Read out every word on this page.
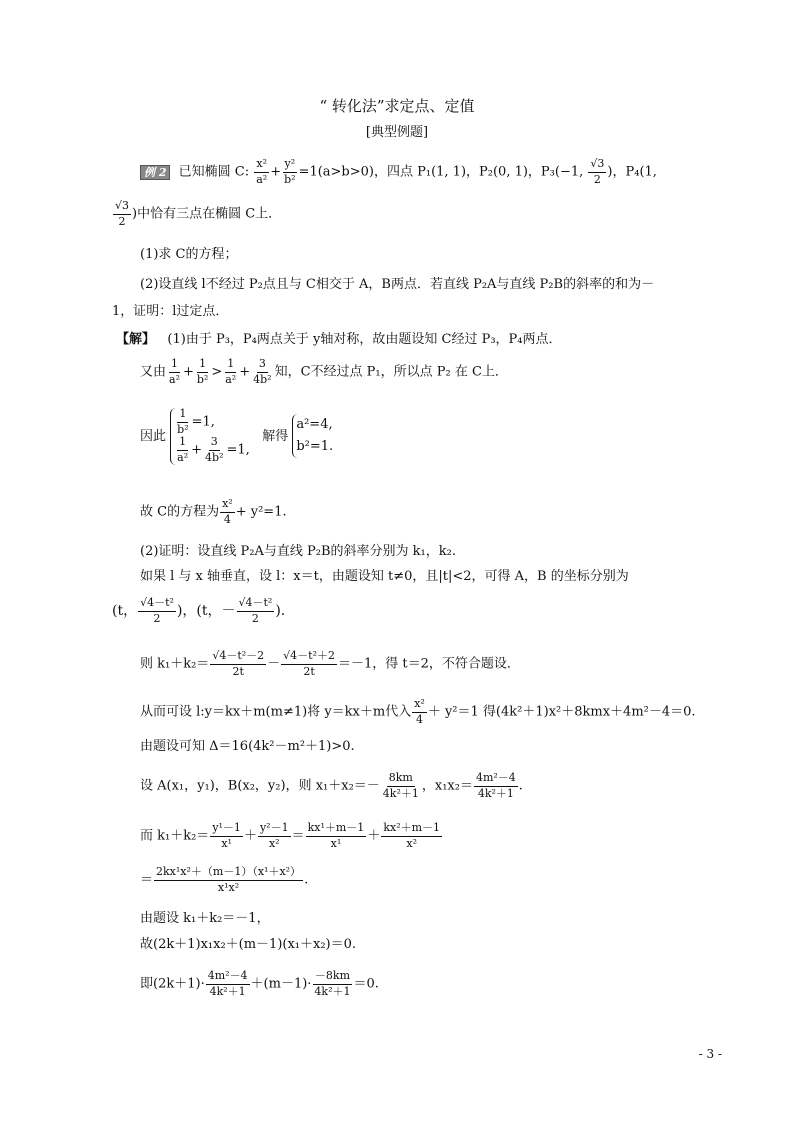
“ 转化法”求定点、定值
[典型例题]
例 2 已知椭圆 C: $\frac{\text{x²}}{\text{a²}} + \frac{\text{y²}}{\text{b²}} =1(a>b>0)$，四点 P₁(1, 1)，P₂(0, 1)，P₃(−1, $\frac{√3}{2}$ )，P₄(1,
$\frac{√3}{2}$ )中恰有三点在椭圆 C上．
(1)求 C的方程；
(2)设直线 l不经过 P₂点且与 C相交于 A，B两点．若直线 P₂A与直线 P₂B的斜率的和为－
1，证明：l过定点．
【解】 (1)由于 P₃，P₄两点关于 y轴对称，故由题设知 C经过 P₃，P₄两点．
又由 $\frac{1}{\text{a²}} + \frac{1}{\text{b²}} > \frac{1}{\text{a²}} + \frac{3}{\text{4b²}}$ 知，C不经过点 P₁，所以点 P₂ 在 C上．
因此 $\frac{1}{\text{b²}} =1$,
$\frac{1}{\text{a²}} + \frac{3}{\text{4b²}} =1$,
解得
a²=4,
b²=1.
故 C的方程为 $\frac{\text{x²}}{4} + y^2=1$.
(2)证明：设直线 P₂A与直线 P₂B的斜率分别为 k₁，k₂.
如果 l 与 x 轴垂直，设 l：x＝t，由题设知 t≠0，且|t|<2，可得 A，B 的坐标分别为
(t， $\frac{\text{√4－t²}}{2}$ )，(t，－ $\frac{\text{√4－t²}}{2}$ ).
则 $k_1+k_2= \frac{\text{√4－t²－2}}{2t} - \frac{\text{√4－t²＋2}}{2t} =-1$，得 t＝2，不符合题设．
从而可设 l:y＝kx＋m(m≠1)将 y＝kx＋m代入 $\frac{\text{x²}}{4} + y^2=1$ 得(4k²＋1)x²＋8kmx＋4m²－4＝0.
由题设可知 Δ＝16(4k²－m²＋1)>0.
设 A(x₁，y₁)，B(x₂，y₂)，则 $x_1+x_2=- \frac{8km}{\text{4k²＋1}}$ ，$x_1x_2= \frac{\text{4m²－4}}{\text{4k²＋1}}$ .
而 $k_1+k_2= \frac{\text{y¹－1}}{\text{x¹}} + \frac{\text{y²－1}}{\text{x²}} = \frac{\text{kx¹＋m－1}}{\text{x¹}} + \frac{\text{kx²＋m－1}}{\text{x²}}$
＝ $\frac{\text{2kx¹x²＋（m－1）（x¹＋x²）}}{\text{x¹x²}}$ .
由题设 k₁＋k₂＝－1，
故(2k＋1)x₁x₂＋(m－1)(x₁＋x₂)＝0.
即$(2k+1)\cdot \frac{\text{4m²－4}}{\text{4k²＋1}} +(m-1)\cdot \frac{-8km}{\text{4k²＋1}} =0$.
- 3 -
